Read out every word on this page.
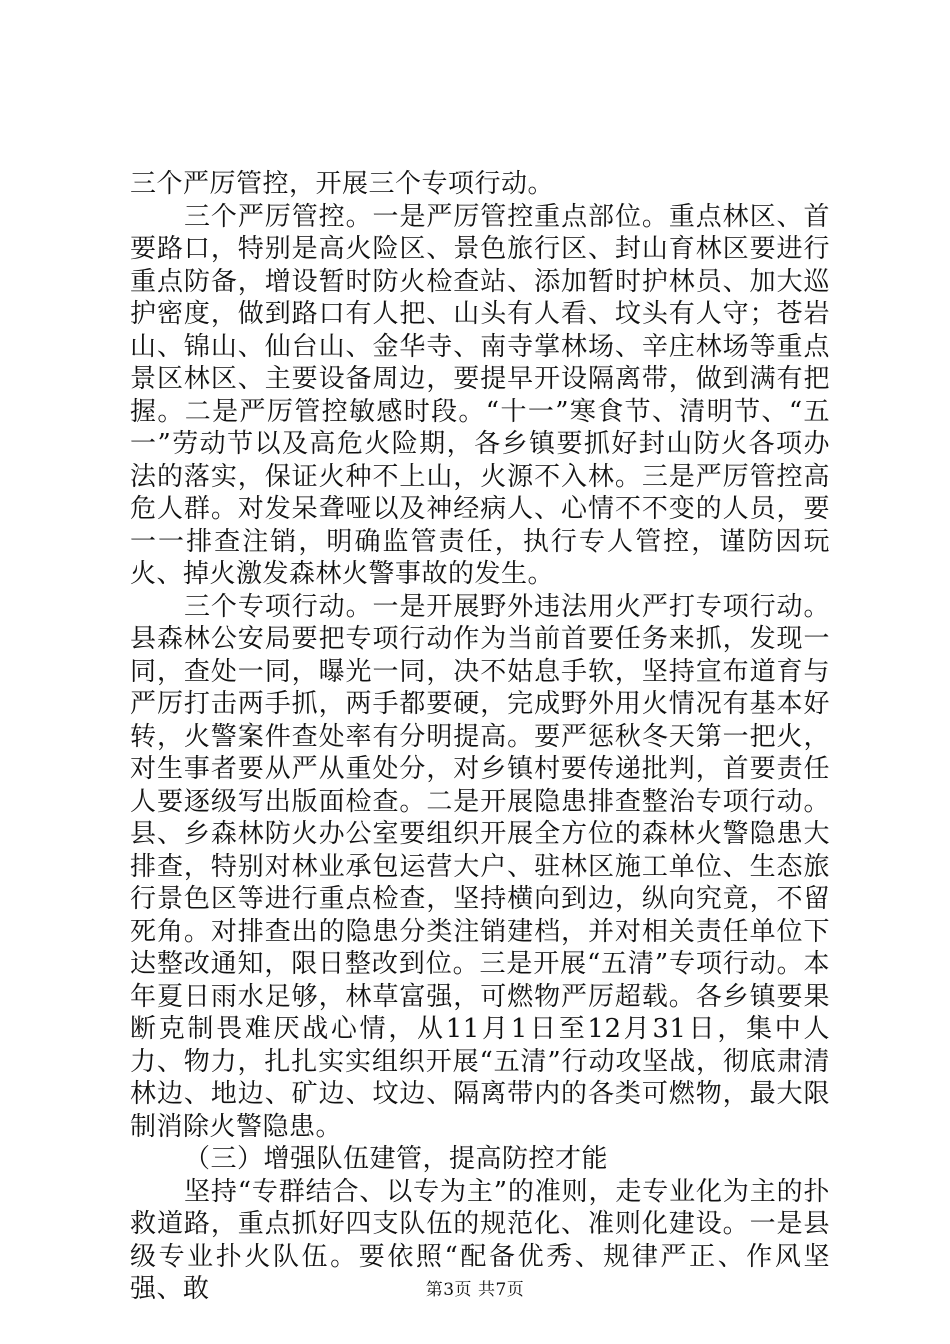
三个严厉管控，开展三个专项行动。

三个严厉管控。一是严厉管控重点部位。重点林区、首要路口，特别是高火险区、景色旅行区、封山育林区要进行重点防备，增设暂时防火检查站、添加暂时护林员、加大巡护密度，做到路口有人把、山头有人看、坟头有人守；苍岩山、锦山、仙台山、金华寺、南寺掌林场、辛庄林场等重点景区林区、主要设备周边，要提早开设隔离带，做到满有把握。二是严厉管控敏感时段。“十一”寒食节、清明节、“五一”劳动节以及高危火险期，各乡镇要抓好封山防火各项办法的落实，保证火种不上山，火源不入林。三是严厉管控高危人群。对发呆聋哑以及神经病人、心情不不变的人员，要一一排查注销，明确监管责任，执行专人管控，谨防因玩火、掉火激发森林火警事故的发生。

三个专项行动。一是开展野外违法用火严打专项行动。县森林公安局要把专项行动作为当前首要任务来抓，发现一同，查处一同，曝光一同，决不姑息手软，坚持宣布道育与严厉打击两手抓，两手都要硬，完成野外用火情况有基本好转，火警案件查处率有分明提高。要严惩秋冬天第一把火，对生事者要从严从重处分，对乡镇村要传递批判，首要责任人要逐级写出版面检查。二是开展隐患排查整治专项行动。县、乡森林防火办公室要组织开展全方位的森林火警隐患大排查，特别对林业承包运营大户、驻林区施工单位、生态旅行景色区等进行重点检查，坚持横向到边，纵向究竟，不留死角。对排查出的隐患分类注销建档，并对相关责任单位下达整改通知，限日整改到位。三是开展“五清”专项行动。本年夏日雨水足够，林草富强，可燃物严厉超载。各乡镇要果断克制畏难厌战心情，从11月1日至12月31日，集中人力、物力，扎扎实实组织开展“五清”行动攻坚战，彻底肃清林边、地边、矿边、坟边、隔离带内的各类可燃物，最大限制消除火警隐患。

（三）增强队伍建管，提高防控才能

坚持“专群结合、以专为主”的准则，走专业化为主的扑救道路，重点抓好四支队伍的规范化、准则化建设。一是县级专业扑火队伍。要依照“配备优秀、规律严正、作风坚强、敢	第3页 共7页
